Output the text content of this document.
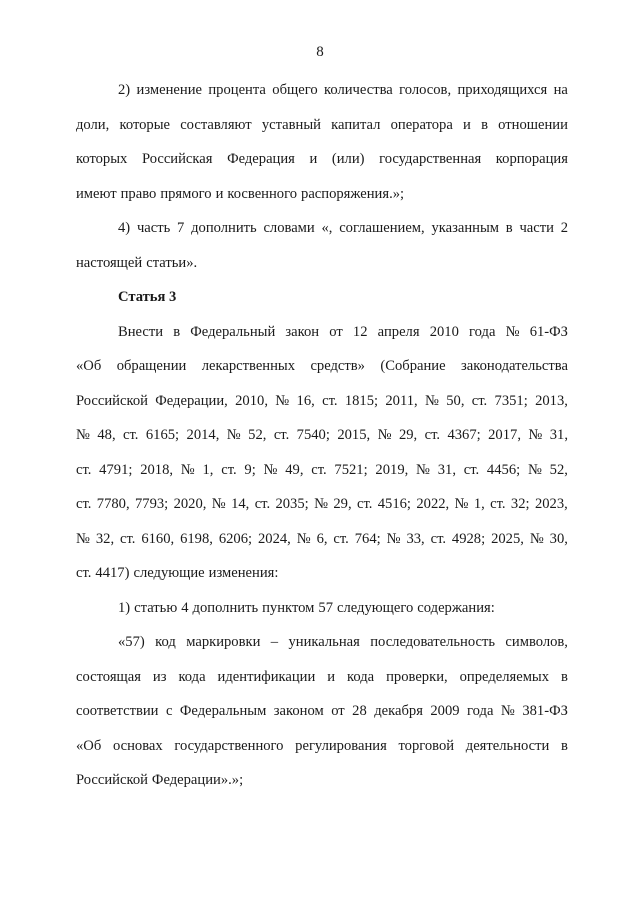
8
2) изменение процента общего количества голосов, приходящихся на
доли, которые составляют уставный капитал оператора и в отношении
которых Российская Федерация и (или) государственная корпорация
имеют право прямого и косвенного распоряжения.»;
4) часть 7 дополнить словами «, соглашением, указанным в части 2
настоящей статьи».
Статья 3
Внести в Федеральный закон от 12 апреля 2010 года № 61-ФЗ
«Об обращении лекарственных средств» (Собрание законодательства
Российской Федерации, 2010, № 16, ст. 1815; 2011, № 50, ст. 7351; 2013,
№ 48, ст. 6165; 2014, № 52, ст. 7540; 2015, № 29, ст. 4367; 2017, № 31,
ст. 4791; 2018, № 1, ст. 9; № 49, ст. 7521; 2019, № 31, ст. 4456; № 52,
ст. 7780, 7793; 2020, № 14, ст. 2035; № 29, ст. 4516; 2022, № 1, ст. 32; 2023,
№ 32, ст. 6160, 6198, 6206; 2024, № 6, ст. 764; № 33, ст. 4928; 2025, № 30,
ст. 4417) следующие изменения:
1) статью 4 дополнить пунктом 57 следующего содержания:
«57) код маркировки – уникальная последовательность символов,
состоящая из кода идентификации и кода проверки, определяемых в
соответствии с Федеральным законом от 28 декабря 2009 года № 381-ФЗ
«Об основах государственного регулирования торговой деятельности в
Российской Федерации».»;
